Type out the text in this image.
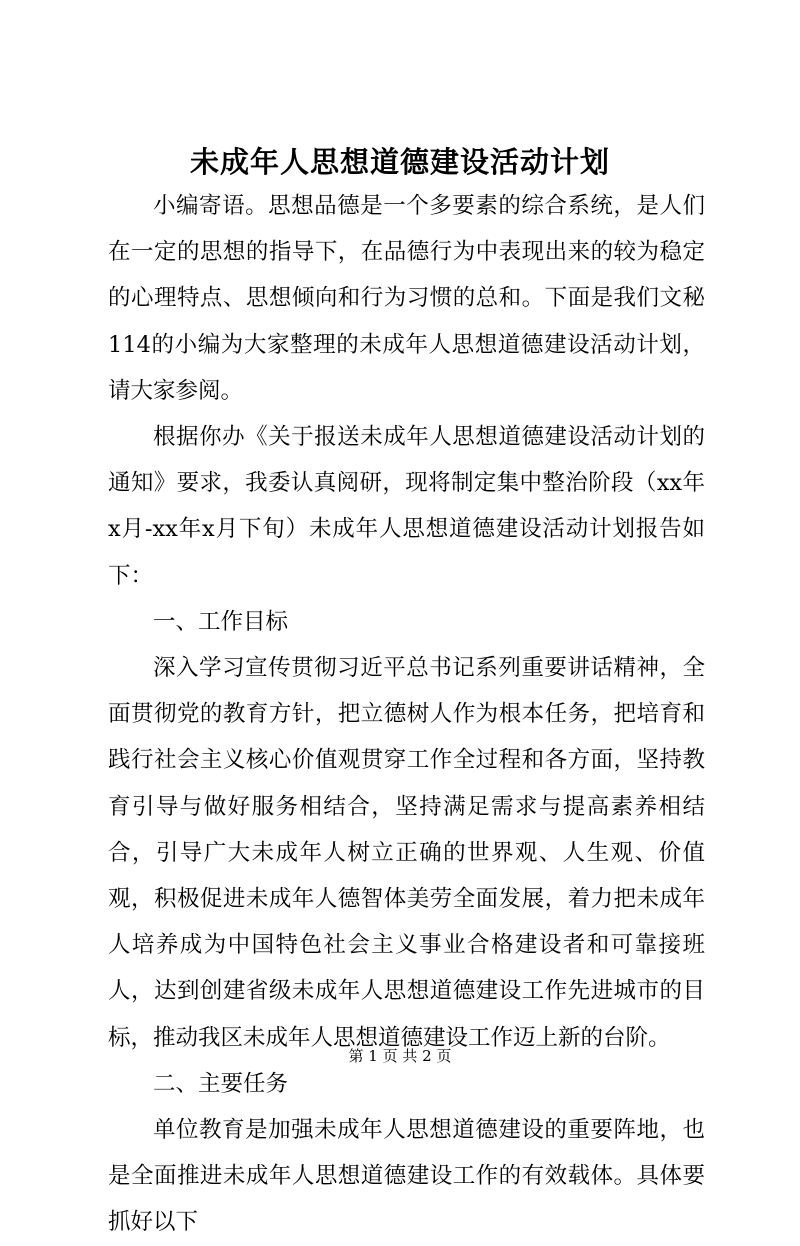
未成年人思想道德建设活动计划

小编寄语。思想品德是一个多要素的综合系统，是人们在一定的思想的指导下，在品德行为中表现出来的较为稳定的心理特点、思想倾向和行为习惯的总和。下面是我们文秘114的小编为大家整理的未成年人思想道德建设活动计划，请大家参阅。

根据你办《关于报送未成年人思想道德建设活动计划的通知》要求，我委认真阅研，现将制定集中整治阶段（xx年x月-xx年x月下旬）未成年人思想道德建设活动计划报告如下：

一、工作目标

深入学习宣传贯彻习近平总书记系列重要讲话精神，全面贯彻党的教育方针，把立德树人作为根本任务，把培育和践行社会主义核心价值观贯穿工作全过程和各方面，坚持教育引导与做好服务相结合，坚持满足需求与提高素养相结合，引导广大未成年人树立正确的世界观、人生观、价值观，积极促进未成年人德智体美劳全面发展，着力把未成年人培养成为中国特色社会主义事业合格建设者和可靠接班人，达到创建省级未成年人思想道德建设工作先进城市的目标，推动我区未成年人思想道德建设工作迈上新的台阶。

二、主要任务

单位教育是加强未成年人思想道德建设的重要阵地，也是全面推进未成年人思想道德建设工作的有效载体。具体要抓好以下

第 1 页 共 2 页
